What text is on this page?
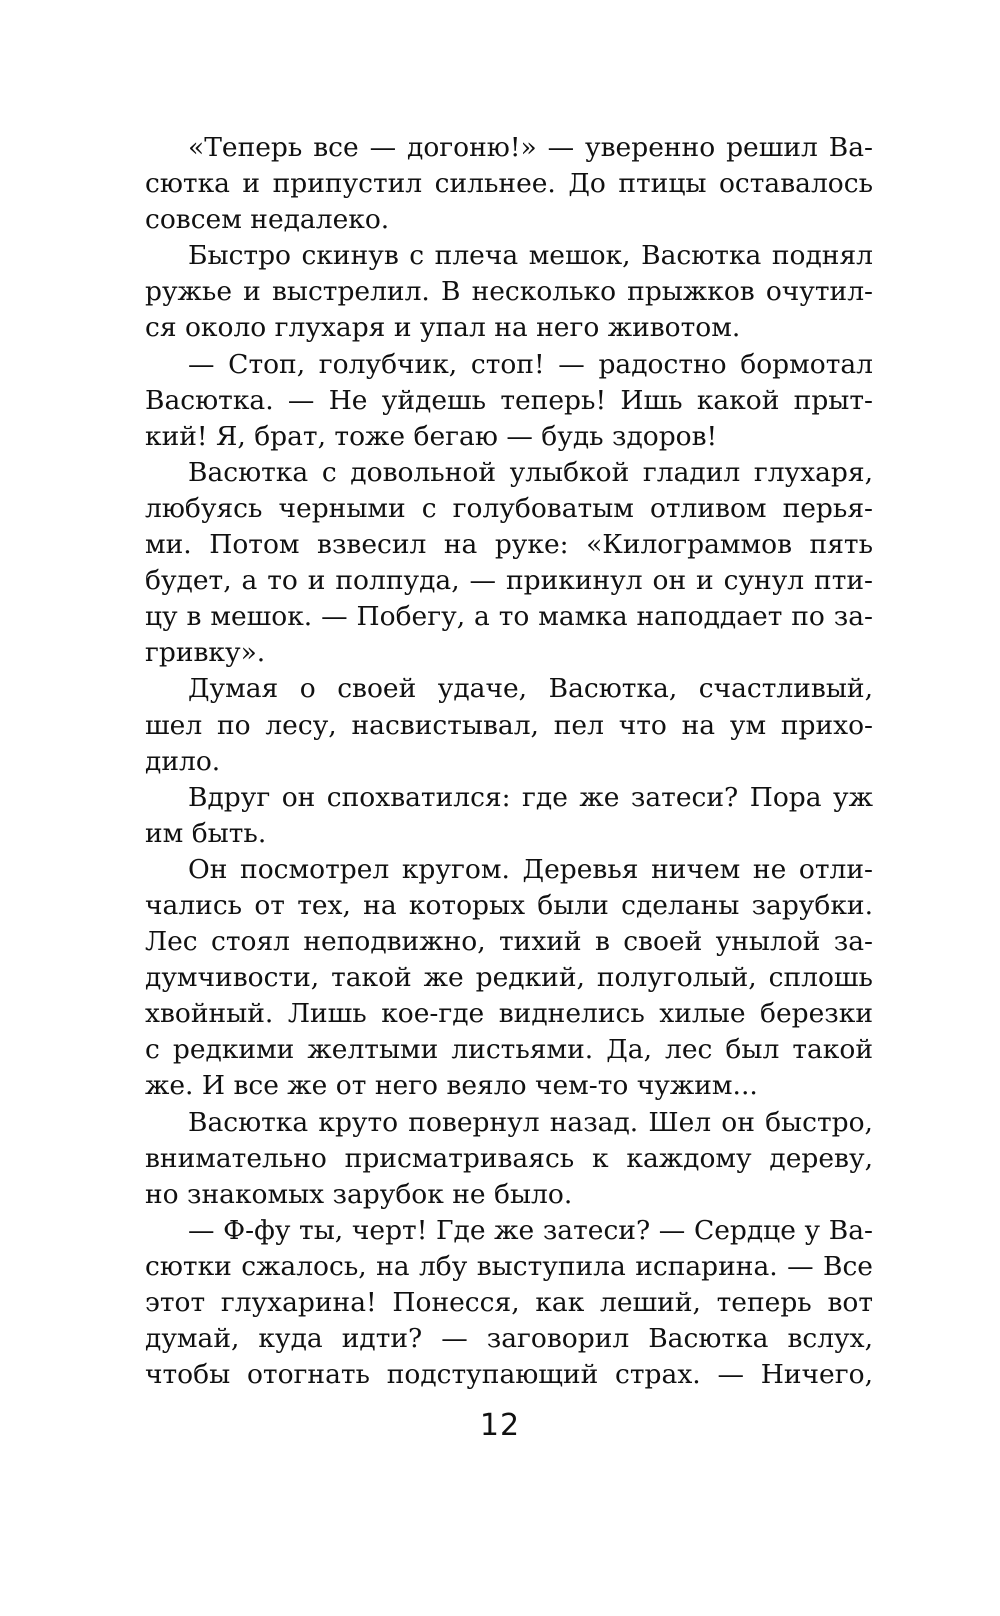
«Теперь все — догоню!» — уверенно решил Ва-
сютка и припустил сильнее. До птицы оставалось
совсем недалеко.
Быстро скинув с плеча мешок, Васютка поднял
ружье и выстрелил. В несколько прыжков очутил-
ся около глухаря и упал на него животом.
— Стоп, голубчик, стоп! — радостно бормотал
Васютка. — Не уйдешь теперь! Ишь какой прыт-
кий! Я, брат, тоже бегаю — будь здоров!
Васютка с довольной улыбкой гладил глухаря,
любуясь черными с голубоватым отливом перья-
ми. Потом взвесил на руке: «Килограммов пять
будет, а то и полпуда, — прикинул он и сунул пти-
цу в мешок. — Побегу, а то мамка наподдает по за-
гривку».
Думая о своей удаче, Васютка, счастливый,
шел по лесу, насвистывал, пел что на ум прихо-
дило.
Вдруг он спохватился: где же затеси? Пора уж
им быть.
Он посмотрел кругом. Деревья ничем не отли-
чались от тех, на которых были сделаны зарубки.
Лес стоял неподвижно, тихий в своей унылой за-
думчивости, такой же редкий, полуголый, сплошь
хвойный. Лишь кое-где виднелись хилые березки
с редкими желтыми листьями. Да, лес был такой
же. И все же от него веяло чем-то чужим...
Васютка круто повернул назад. Шел он быстро,
внимательно присматриваясь к каждому дереву,
но знакомых зарубок не было.
— Ф-фу ты, черт! Где же затеси? — Сердце у Ва-
сютки сжалось, на лбу выступила испарина. — Все
этот глухарина! Понесся, как леший, теперь вот
думай, куда идти? — заговорил Васютка вслух,
чтобы отогнать подступающий страх. — Ничего,
12
